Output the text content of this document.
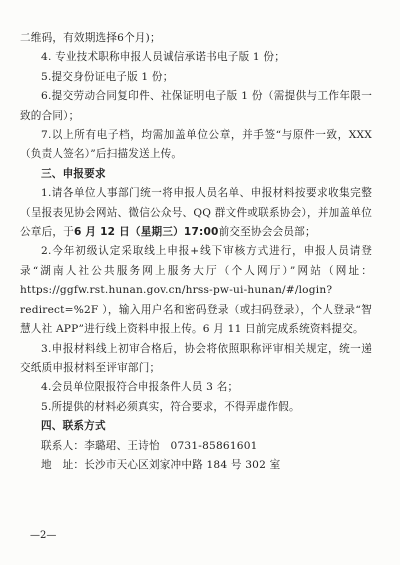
二维码，有效期选择6个月)；

4. 专业技术职称申报人员诚信承诺书电子版 1 份；

5.提交身份证电子版 1 份；

6.提交劳动合同复印件、社保证明电子版 1 份（需提供与工作年限一致的合同）；

7.以上所有电子档，均需加盖单位公章，并手签“与原件一致，XXX（负责人签名）”后扫描发送上传。

三、申报要求

1.请各单位人事部门统一将申报人员名单、申报材料按要求收集完整（呈报表见协会网站、微信公众号、QQ 群文件或联系协会），并加盖单位公章后，于6 月 12 日（星期三）17:00前交至协会会员部；

2.今年初级认定采取线上申报+线下审核方式进行，申报人员请登录“湖南人社公共服务网上服务大厅（个人网厅）”网站（网址：https://ggfw.rst.hunan.gov.cn/hrss-pw-ui-hunan/#/login?redirect=%2F ），输入用户名和密码登录（或扫码登录），个人登录“智慧人社 APP”进行线上资料申报上传。6 月 11 日前完成系统资料提交。

3.申报材料线上初审合格后，协会将依照职称评审相关规定，统一递交纸质申报材料至评审部门；

4.会员单位限报符合申报条件人员 3 名；

5.所提供的材料必须真实，符合要求，不得弄虚作假。

四、联系方式

联系人：李璐珺、王诗怡　0731-85861601

地　址：长沙市天心区刘家冲中路 184 号 302 室

—2—
